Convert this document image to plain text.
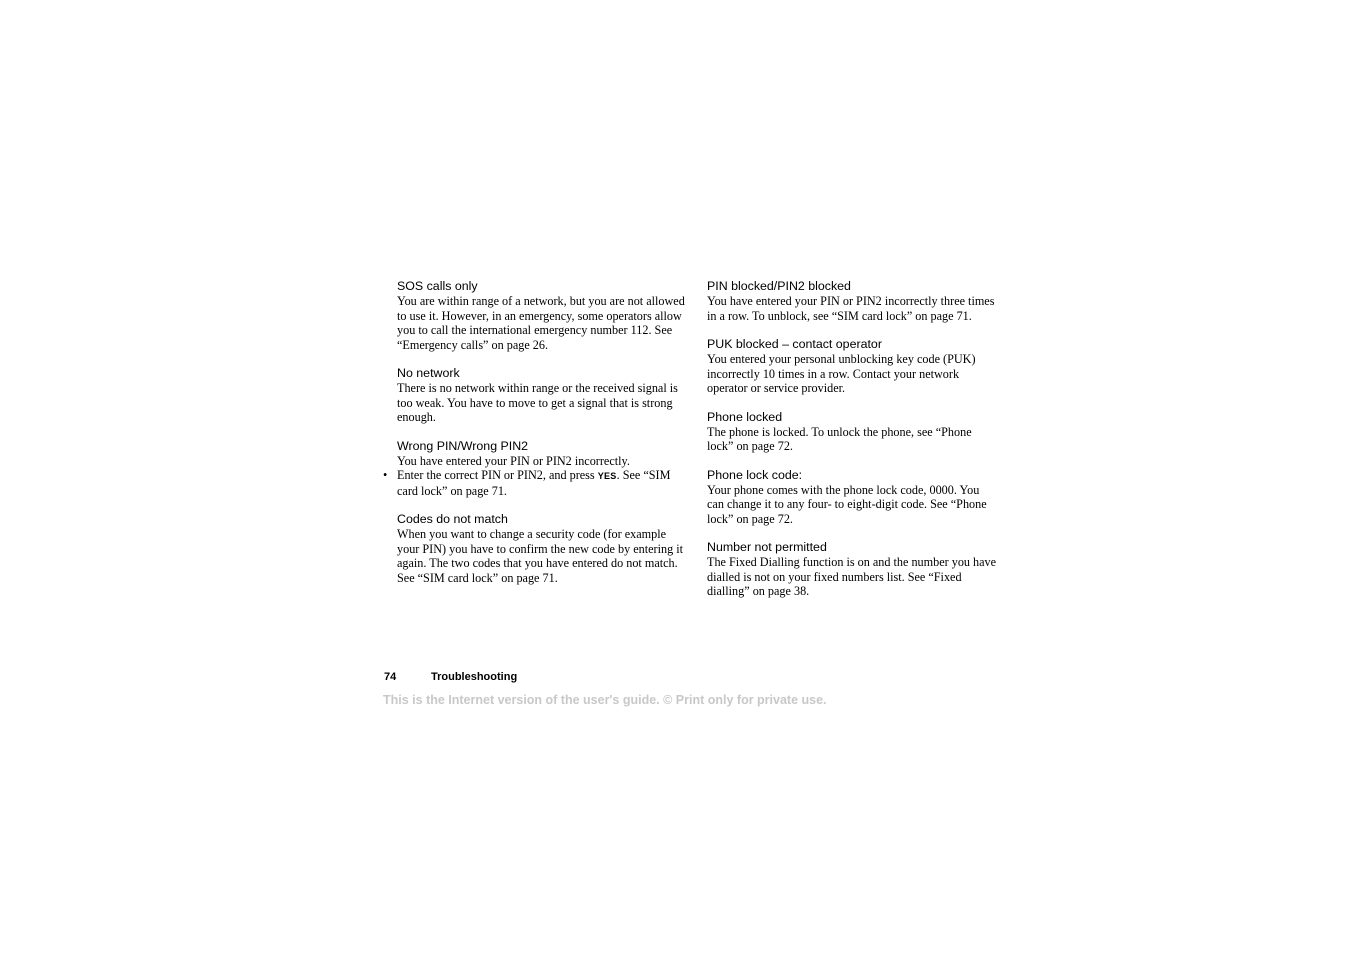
SOS calls only

You are within range of a network, but you are not allowed to use it. However, in an emergency, some operators allow you to call the international emergency number 112. See “Emergency calls” on page 26.

No network

There is no network within range or the received signal is too weak. You have to move to get a signal that is strong enough.

Wrong PIN/Wrong PIN2

You have entered your PIN or PIN2 incorrectly.

• Enter the correct PIN or PIN2, and press YES. See “SIM card lock” on page 71.

Codes do not match

When you want to change a security code (for example your PIN) you have to confirm the new code by entering it again. The two codes that you have entered do not match. See “SIM card lock” on page 71.

PIN blocked/PIN2 blocked

You have entered your PIN or PIN2 incorrectly three times in a row. To unblock, see “SIM card lock” on page 71.

PUK blocked – contact operator

You entered your personal unblocking key code (PUK) incorrectly 10 times in a row. Contact your network operator or service provider.

Phone locked

The phone is locked. To unlock the phone, see “Phone lock” on page 72.

Phone lock code:

Your phone comes with the phone lock code, 0000. You can change it to any four- to eight-digit code. See “Phone lock” on page 72.

Number not permitted

The Fixed Dialling function is on and the number you have dialled is not on your fixed numbers list. See “Fixed dialling” on page 38.

74	Troubleshooting
This is the Internet version of the user's guide. © Print only for private use.
